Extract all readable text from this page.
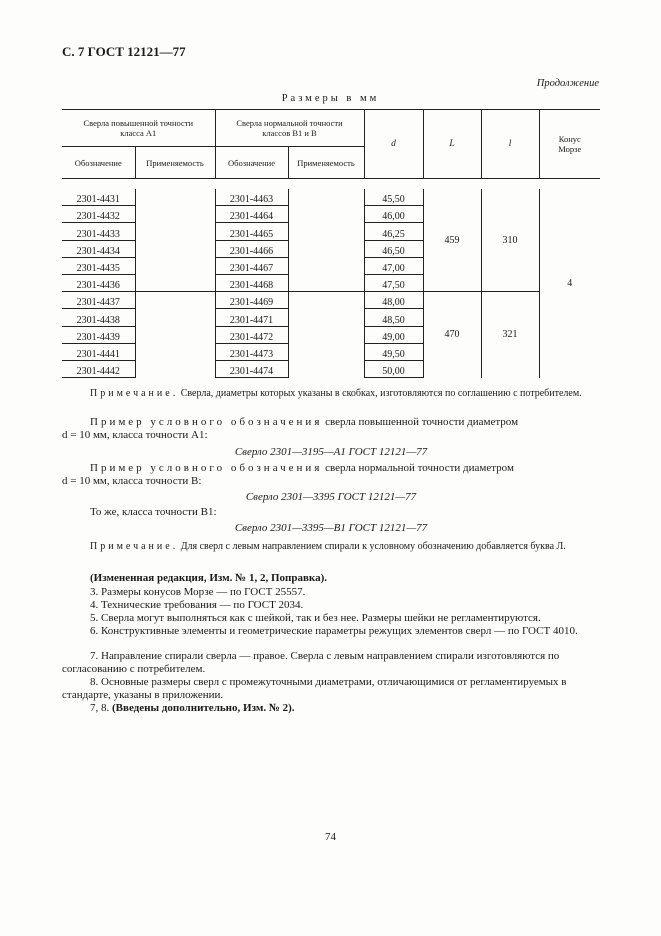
С. 7 ГОСТ 12121—77
Продолжение
Размеры в мм
Сверла повышенной точности класса А1		Сверла нормальной точности классов В1 и В		d	L	l	Конус Морзе
Обозначение	Применяемость	Обозначение	Применяемость				

2301-4431		2301-4463		45,50	459	310	4
2301-4432		2301-4464		46,00			
2301-4433		2301-4465		46,25			
2301-4434		2301-4466		46,50			
2301-4435		2301-4467		47,00			
2301-4436		2301-4468		47,50			
2301-4437		2301-4469		48,00	470	321	
2301-4438		2301-4471		48,50			
2301-4439		2301-4472		49,00			
2301-4441		2301-4473		49,50			
2301-4442		2301-4474		50,00			
Примечание. Сверла, диаметры которых указаны в скобках, изготовляются по соглашению с потребителем.
Пример условного обозначения сверла повышенной точности диаметром
d = 10 мм, класса точности А1:
Сверло 2301—3195—А1 ГОСТ 12121—77
Пример условного обозначения сверла нормальной точности диаметром
d = 10 мм, класса точности В:
Сверло 2301—3395 ГОСТ 12121—77
То же, класса точности В1:
Сверло 2301—3395—В1 ГОСТ 12121—77
Примечание. Для сверл с левым направлением спирали к условному обозначению добавляется буква Л.
(Измененная редакция, Изм. № 1, 2, Поправка).
3. Размеры конусов Морзе — по ГОСТ 25557.
4. Технические требования — по ГОСТ 2034.
5. Сверла могут выполняться как с шейкой, так и без нее. Размеры шейки не регламентируются.
6. Конструктивные элементы и геометрические параметры режущих элементов сверл — по ГОСТ 4010.
7. Направление спирали сверла — правое. Сверла с левым направлением спирали изготовляются по согласованию с потребителем.
8. Основные размеры сверл с промежуточными диаметрами, отличающимися от регламентируемых в стандарте, указаны в приложении.
7, 8. (Введены дополнительно, Изм. № 2).
74
